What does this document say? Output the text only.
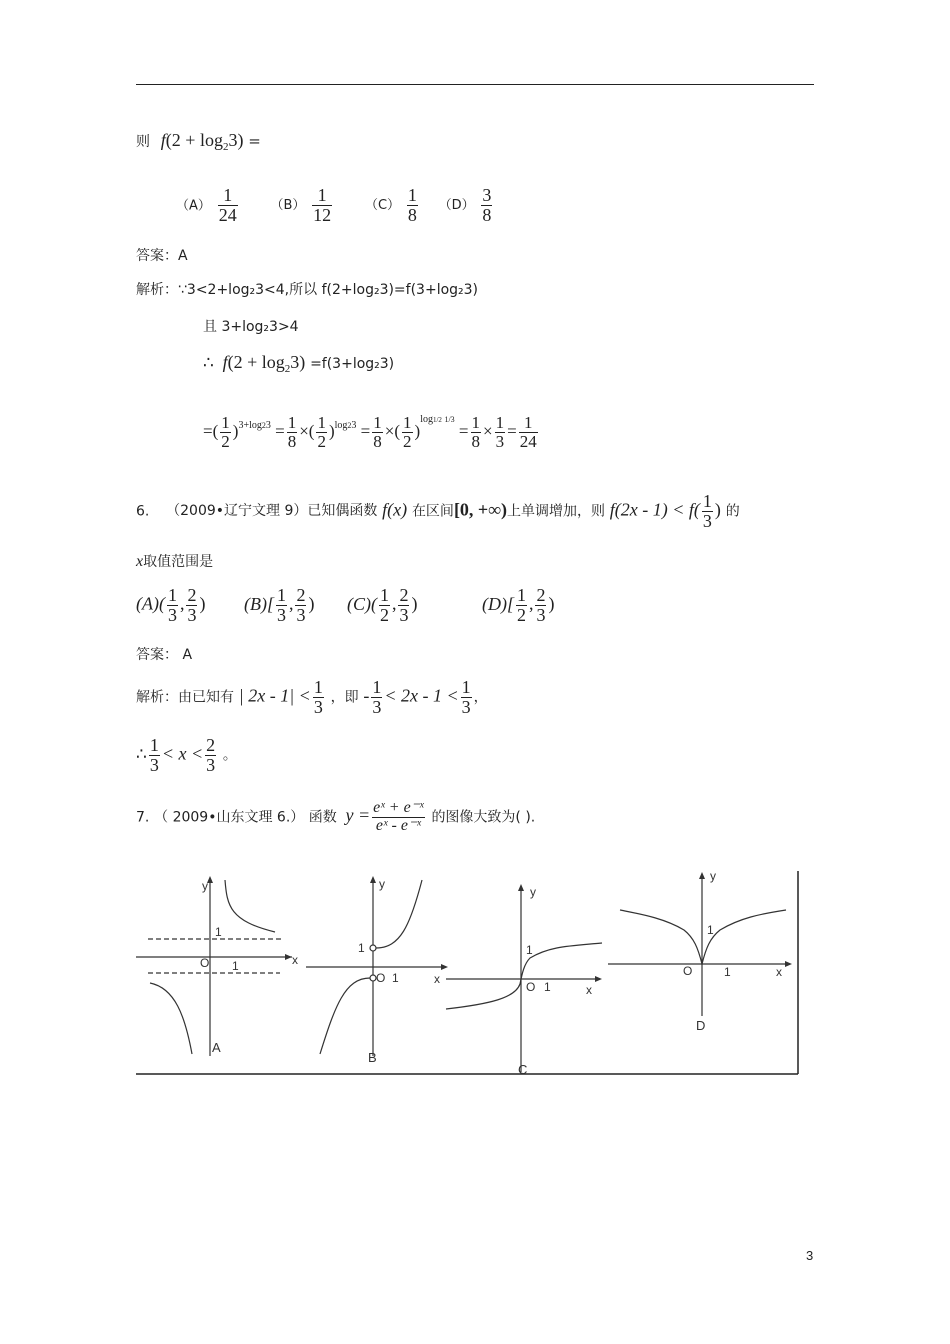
则 $f(2 + \log_23)$ =
$(A) \frac{1}{24}$	$(B) \frac{1}{12}$	$(C) \frac{1}{8} (D) \frac{3}{8}$
答案：A
解析：∵3<2+log₂3<4,所以 f(2+log₂3)=f(3+log₂3)
且 3+log₂3>4
∴ $f(2 + \log_23) =f(3+\log_23)$
=( $\frac{1}{2} )^{3+log23} = \frac{1}{8}$ ×( $\frac{1}{2} )^{log23} = \frac{1}{8}$ ×( $\frac{1}{2} )^{log1/2 1/3} = \frac{1}{8} \times \frac{1}{3} = \frac{1}{24}$
6. （2009•辽宁文理 9）已知偶函数 f(x) 在区间[0, +∞)上单调增加，则 $f(2x - 1) < f( \frac{1}{3}$ ) 的
x取值范围是
$(A)( \frac{1}{3}$ , $\frac{2}{3}$ ) $(B)[ \frac{1}{3}$ , $\frac{2}{3}$ ) $(C)( \frac{1}{2}$ , $\frac{2}{3}$ )	$(D)[ \frac{1}{2}$ , $\frac{2}{3}$ )
答案： A
解析：由已知有 | $2x - 1| < \frac{1}{3}$ ，即 - $\frac{1}{3} < 2x - 1 < \frac{1}{3}$ ，
∴ $\frac{1}{3} < x < \frac{2}{3}$ 。
7. （ 2009•山东文理 6.） 函数 $y = \frac{\text{eˣ + e⁻ˣ}}{\text{eˣ - e⁻ˣ}}$ 的图像大致为( ).
y
x
O
1
1
A
y
x
O
1
1
B
y
x
O
1
1
C
y
x
O
1
1
D
3
